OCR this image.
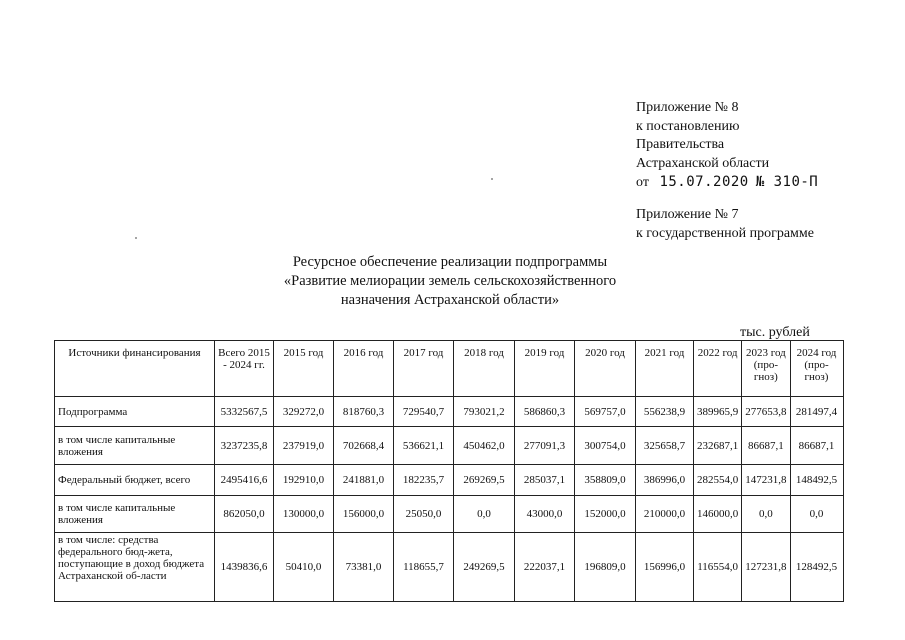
Приложение № 8
к постановлению
Правительства
Астраханской области
от 15.07.2020 № 310-П
Приложение № 7
к государственной программе
Ресурсное обеспечение реализации подпрограммы
«Развитие мелиорации земель сельскохозяйственного
назначения Астраханской области»
тыс. рублей
Источники финансирования	Всего 2015 - 2024 гг.	2015 год	2016 год	2017 год	2018 год	2019 год	2020 год	2021 год	2022 год	2023 год (про-гноз)	2024 год (про-гноз)
Подпрограмма	5332567,5	329272,0	818760,3	729540,7	793021,2	586860,3	569757,0	556238,9	389965,9	277653,8	281497,4
в том числе капитальные вложения	3237235,8	237919,0	702668,4	536621,1	450462,0	277091,3	300754,0	325658,7	232687,1	86687,1	86687,1
Федеральный бюджет, всего	2495416,6	192910,0	241881,0	182235,7	269269,5	285037,1	358809,0	386996,0	282554,0	147231,8	148492,5
в том числе капитальные вложения	862050,0	130000,0	156000,0	25050,0	0,0	43000,0	152000,0	210000,0	146000,0	0,0	0,0
в том числе: средства федерального бюд-жета, поступающие в доход бюджета Астраханской об-ласти	1439836,6	50410,0	73381,0	118655,7	249269,5	222037,1	196809,0	156996,0	116554,0	127231,8	128492,5
